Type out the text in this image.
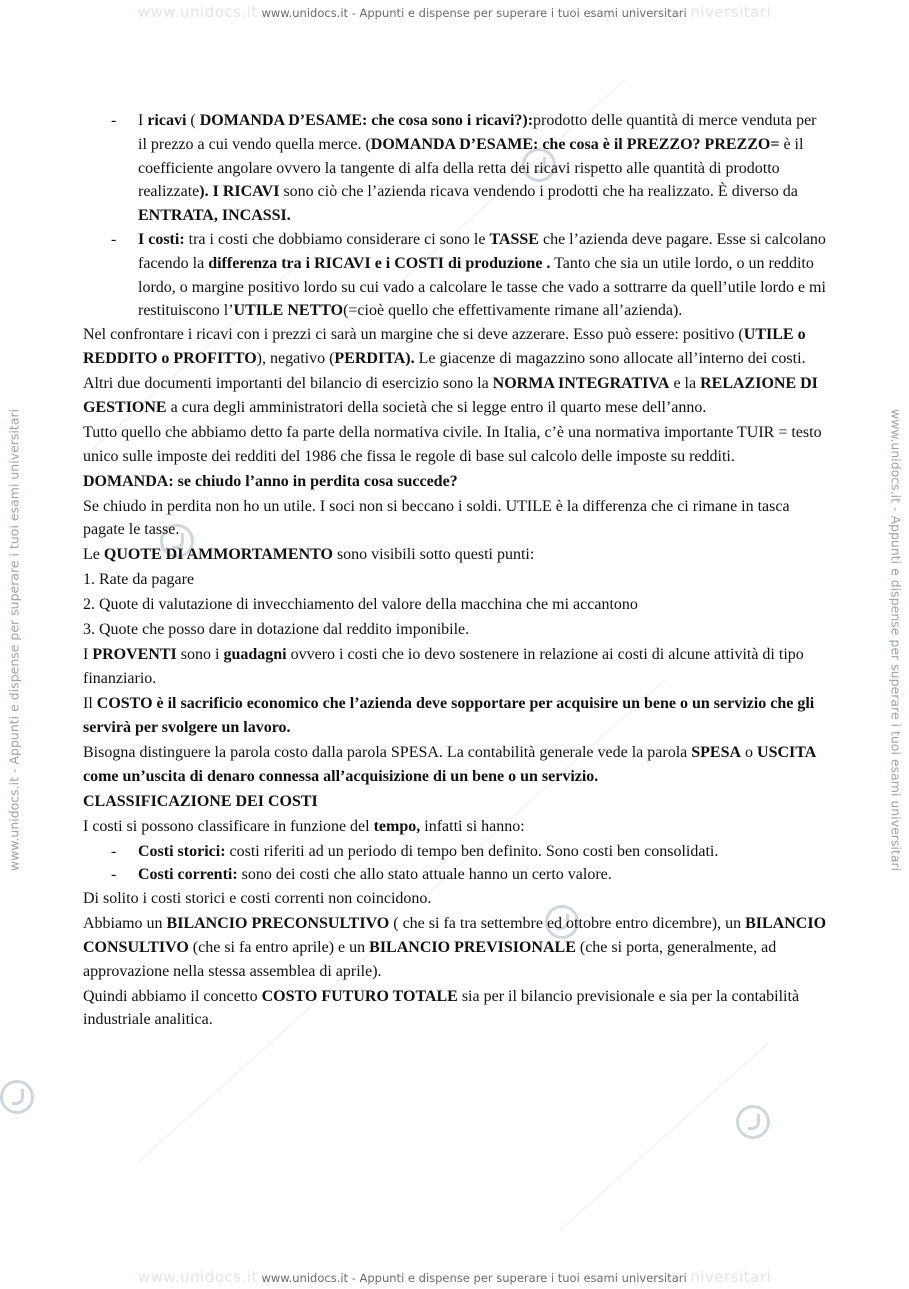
www.unidocs.it www.unidocs.it - Appunti e dispense per superare i tuoi esami universitari niversitari
www.unidocs.it www.unidocs.it - Appunti e dispense per superare i tuoi esami universitari niversitari
www.unidocs.it - Appunti e dispense per superare i tuoi esami universitari	www.unidocs.it - Appunti e dispense per superare i tuoi esami universitari
- I ricavi ( DOMANDA D’ESAME: che cosa sono i ricavi?):prodotto delle quantità di merce venduta per il prezzo a cui vendo quella merce. (DOMANDA D’ESAME: che cosa è il PREZZO? PREZZO= è il coefficiente angolare ovvero la tangente di alfa della retta dei ricavi rispetto alle quantità di prodotto realizzate). I RICAVI sono ciò che l’azienda ricava vendendo i prodotti che ha realizzato. È diverso da ENTRATA, INCASSI.
- I costi: tra i costi che dobbiamo considerare ci sono le TASSE che l’azienda deve pagare. Esse si calcolano facendo la differenza tra i RICAVI e i COSTI di produzione . Tanto che sia un utile lordo, o un reddito lordo, o margine positivo lordo su cui vado a calcolare le tasse che vado a sottrarre da quell’utile lordo e mi restituiscono l’UTILE NETTO(=cioè quello che effettivamente rimane all’azienda).

Nel confrontare i ricavi con i prezzi ci sarà un margine che si deve azzerare. Esso può essere: positivo (UTILE o REDDITO o PROFITTO), negativo (PERDITA). Le giacenze di magazzino sono allocate all’interno dei costi.

Altri due documenti importanti del bilancio di esercizio sono la NORMA INTEGRATIVA e la RELAZIONE DI GESTIONE a cura degli amministratori della società che si legge entro il quarto mese dell’anno.

Tutto quello che abbiamo detto fa parte della normativa civile. In Italia, c’è una normativa importante TUIR = testo unico sulle imposte dei redditi del 1986 che fissa le regole di base sul calcolo delle imposte su redditi.

DOMANDA: se chiudo l’anno in perdita cosa succede?

Se chiudo in perdita non ho un utile. I soci non si beccano i soldi. UTILE è la differenza che ci rimane in tasca pagate le tasse.

Le QUOTE DI AMMORTAMENTO sono visibili sotto questi punti:

1. Rate da pagare

2. Quote di valutazione di invecchiamento del valore della macchina che mi accantono

3. Quote che posso dare in dotazione dal reddito imponibile.

I PROVENTI sono i guadagni ovvero i costi che io devo sostenere in relazione ai costi di alcune attività di tipo finanziario.

Il COSTO è il sacrificio economico che l’azienda deve sopportare per acquisire un bene o un servizio che gli servirà per svolgere un lavoro.

Bisogna distinguere la parola costo dalla parola SPESA. La contabilità generale vede la parola SPESA o USCITA come un’uscita di denaro connessa all’acquisizione di un bene o un servizio.

CLASSIFICAZIONE DEI COSTI

I costi si possono classificare in funzione del tempo, infatti si hanno:

- Costi storici: costi riferiti ad un periodo di tempo ben definito. Sono costi ben consolidati.
- Costi correnti: sono dei costi che allo stato attuale hanno un certo valore.

Di solito i costi storici e costi correnti non coincidono.

Abbiamo un BILANCIO PRECONSULTIVO ( che si fa tra settembre ed ottobre entro dicembre), un BILANCIO CONSULTIVO (che si fa entro aprile) e un BILANCIO PREVISIONALE (che si porta, generalmente, ad approvazione nella stessa assemblea di aprile).

Quindi abbiamo il concetto COSTO FUTURO TOTALE sia per il bilancio previsionale e sia per la contabilità industriale analitica.
